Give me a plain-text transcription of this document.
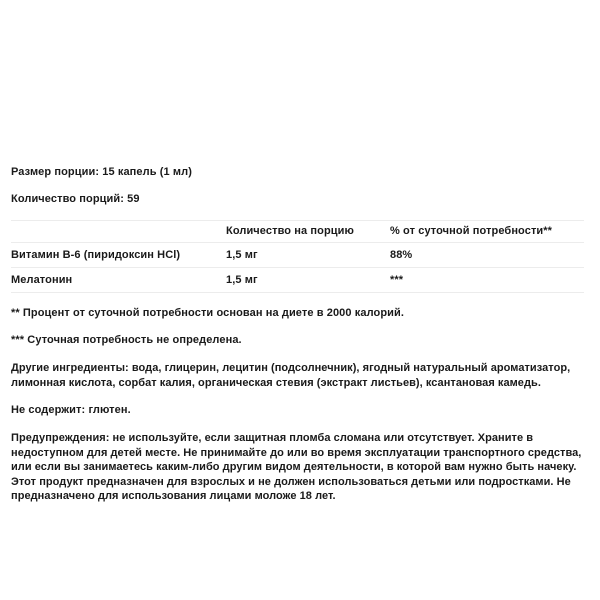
Размер порции: 15 капель (1 мл)

Количество порций: 59

	Количество на порцию	% от суточной потребности**
Витамин B-6 (пиридоксин HCl)	1,5 мг	88%
Мелатонин	1,5 мг	***

** Процент от суточной потребности основан на диете в 2000 калорий.

*** Суточная потребность не определена.

Другие ингредиенты: вода, глицерин, лецитин (подсолнечник), ягодный натуральный ароматизатор, лимонная кислота, сорбат калия, органическая стевия (экстракт листьев), ксантановая камедь.

Не содержит: глютен.

Предупреждения: не используйте, если защитная пломба сломана или отсутствует. Храните в недоступном для детей месте. Не принимайте до или во время эксплуатации транспортного средства, или если вы занимаетесь каким-либо другим видом деятельности, в которой вам нужно быть начеку. Этот продукт предназначен для взрослых и не должен использоваться детьми или подростками. Не предназначено для использования лицами моложе 18 лет.
